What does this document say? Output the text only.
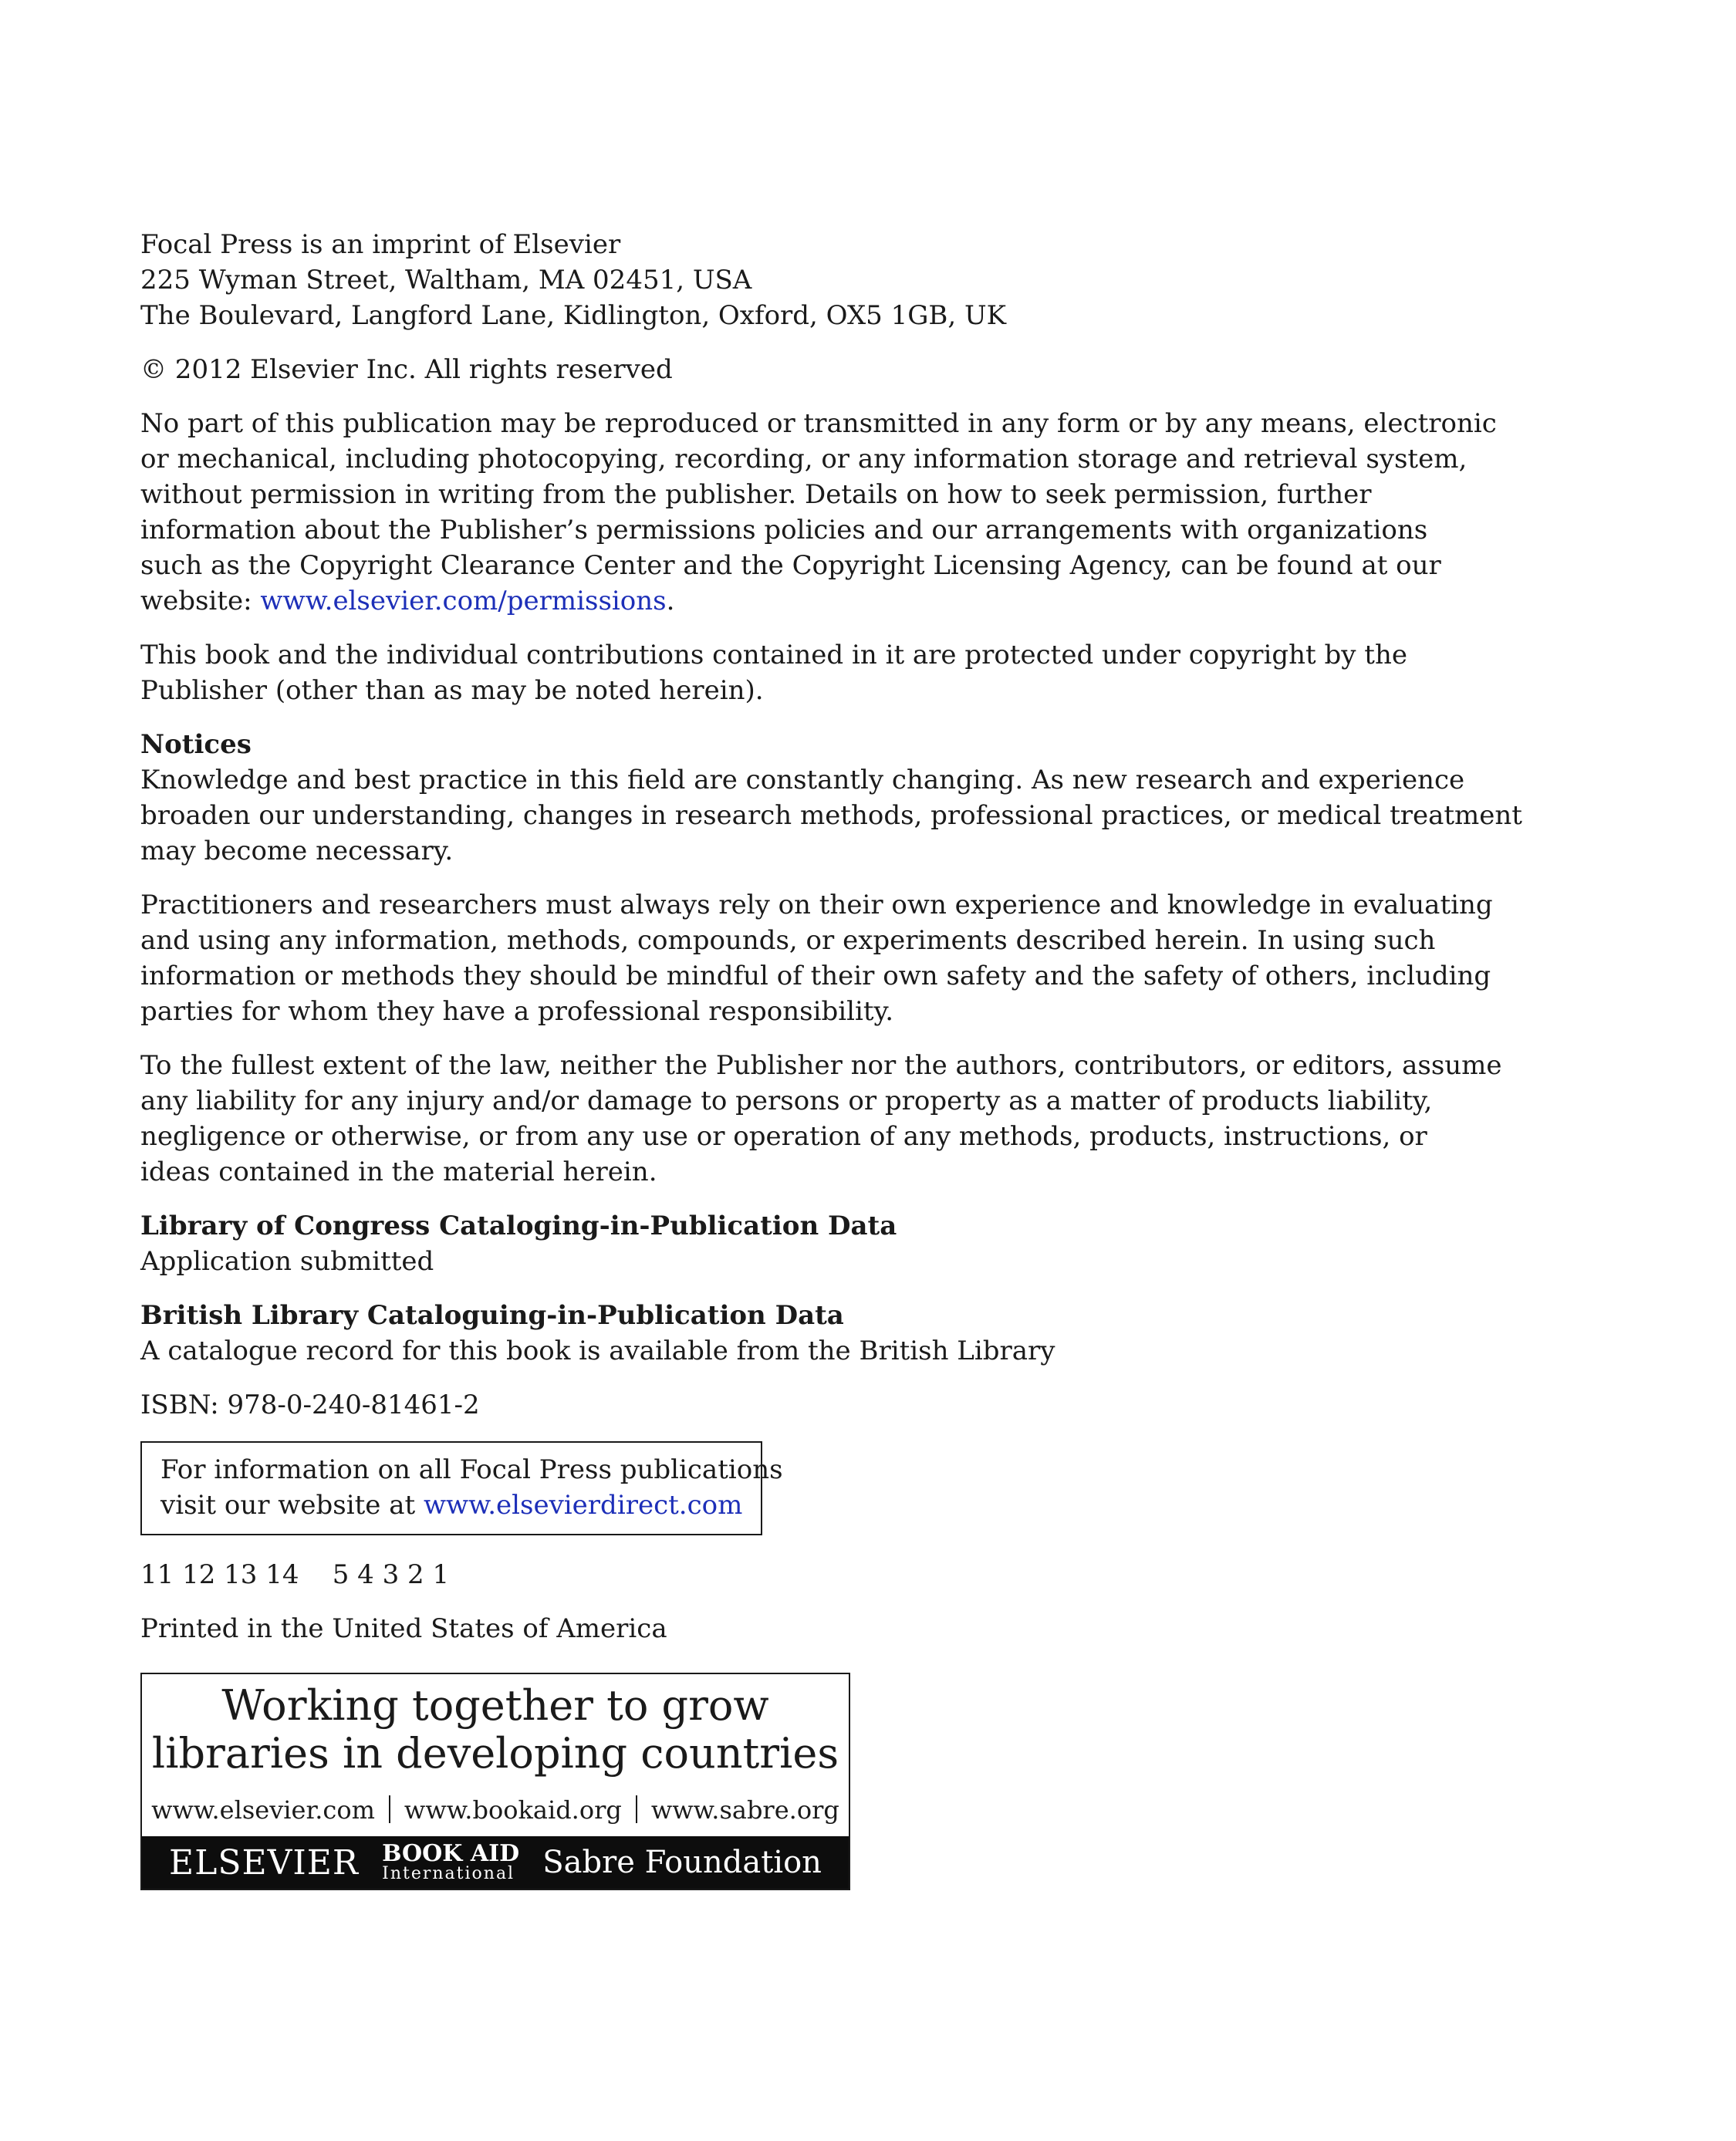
Focal Press is an imprint of Elsevier
225 Wyman Street, Waltham, MA 02451, USA
The Boulevard, Langford Lane, Kidlington, Oxford, OX5 1GB, UK
© 2012 Elsevier Inc. All rights reserved
No part of this publication may be reproduced or transmitted in any form or by any means, electronic
or mechanical, including photocopying, recording, or any information storage and retrieval system,
without permission in writing from the publisher. Details on how to seek permission, further
information about the Publisher’s permissions policies and our arrangements with organizations
such as the Copyright Clearance Center and the Copyright Licensing Agency, can be found at our
website: www.elsevier.com/permissions.
This book and the individual contributions contained in it are protected under copyright by the
Publisher (other than as may be noted herein).
Notices
Knowledge and best practice in this field are constantly changing. As new research and experience
broaden our understanding, changes in research methods, professional practices, or medical treatment
may become necessary.
Practitioners and researchers must always rely on their own experience and knowledge in evaluating
and using any information, methods, compounds, or experiments described herein. In using such
information or methods they should be mindful of their own safety and the safety of others, including
parties for whom they have a professional responsibility.
To the fullest extent of the law, neither the Publisher nor the authors, contributors, or editors, assume
any liability for any injury and/or damage to persons or property as a matter of products liability,
negligence or otherwise, or from any use or operation of any methods, products, instructions, or
ideas contained in the material herein.
Library of Congress Cataloging-in-Publication Data
Application submitted
British Library Cataloguing-in-Publication Data
A catalogue record for this book is available from the British Library
ISBN: 978-0-240-81461-2
For information on all Focal Press publications
visit our website at www.elsevierdirect.com
11 12 13 14    5 4 3 2 1
Printed in the United States of America
Working together to grow
libraries in developing countries
www.elsevier.com www.bookaid.org www.sabre.org
ELSEVIER BOOK AID
International Sabre Foundation
